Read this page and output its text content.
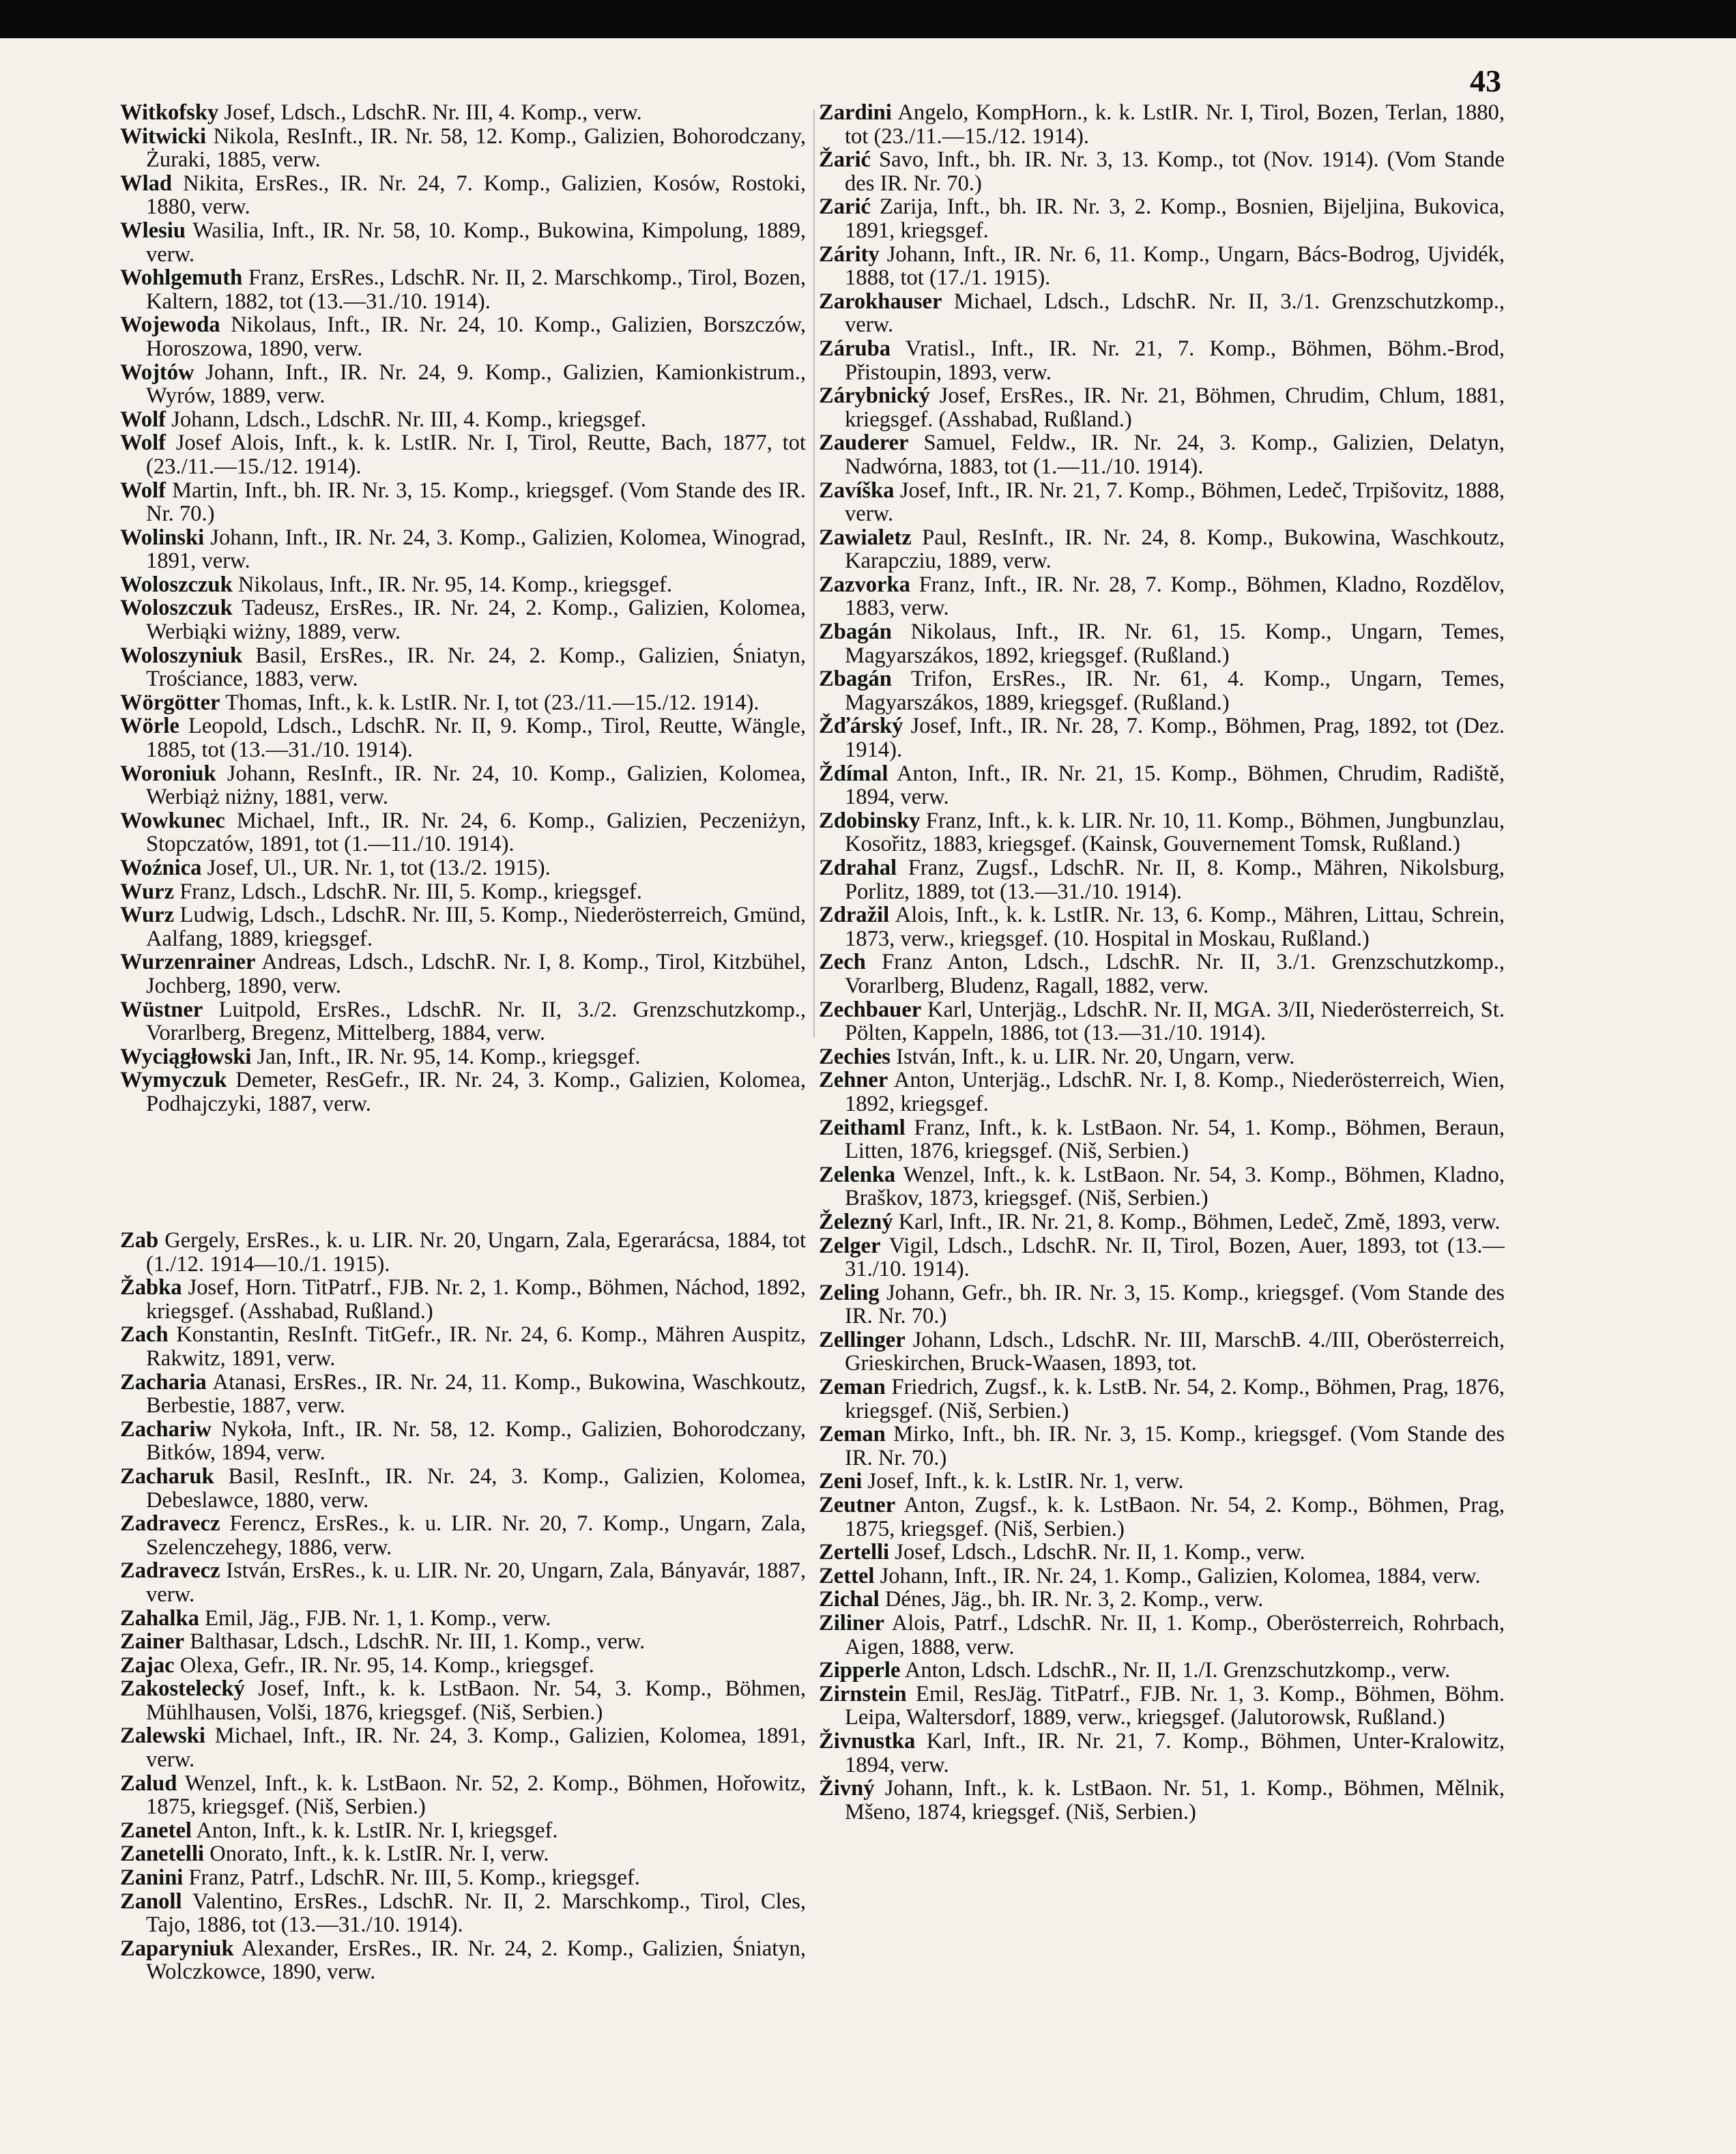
43

Witkofsky Josef, Ldsch., LdschR. Nr. III, 4. Komp., verw.

Witwicki Nikola, ResInft., IR. Nr. 58, 12. Komp., Galizien, Bohorodczany, Żuraki, 1885, verw.

Wlad Nikita, ErsRes., IR. Nr. 24, 7. Komp., Galizien, Kosów, Rostoki, 1880, verw.

Wlesiu Wasilia, Inft., IR. Nr. 58, 10. Komp., Bukowina, Kimpolung, 1889, verw.

Wohlgemuth Franz, ErsRes., LdschR. Nr. II, 2. Marschkomp., Tirol, Bozen, Kaltern, 1882, tot (13.—31./10. 1914).

Wojewoda Nikolaus, Inft., IR. Nr. 24, 10. Komp., Galizien, Borszczów, Horoszowa, 1890, verw.

Wojtów Johann, Inft., IR. Nr. 24, 9. Komp., Galizien, Kamionkistrum., Wyrów, 1889, verw.

Wolf Johann, Ldsch., LdschR. Nr. III, 4. Komp., kriegsgef.

Wolf Josef Alois, Inft., k. k. LstIR. Nr. I, Tirol, Reutte, Bach, 1877, tot (23./11.—15./12. 1914).

Wolf Martin, Inft., bh. IR. Nr. 3, 15. Komp., kriegsgef. (Vom Stande des IR. Nr. 70.)

Wolinski Johann, Inft., IR. Nr. 24, 3. Komp., Galizien, Kolomea, Winograd, 1891, verw.

Woloszczuk Nikolaus, Inft., IR. Nr. 95, 14. Komp., kriegsgef.

Woloszczuk Tadeusz, ErsRes., IR. Nr. 24, 2. Komp., Galizien, Kolomea, Werbiąki wiżny, 1889, verw.

Woloszyniuk Basil, ErsRes., IR. Nr. 24, 2. Komp., Galizien, Śniatyn, Trościance, 1883, verw.

Wörgötter Thomas, Inft., k. k. LstIR. Nr. I, tot (23./11.—15./12. 1914).

Wörle Leopold, Ldsch., LdschR. Nr. II, 9. Komp., Tirol, Reutte, Wängle, 1885, tot (13.—31./10. 1914).

Woroniuk Johann, ResInft., IR. Nr. 24, 10. Komp., Galizien, Kolomea, Werbiąż niżny, 1881, verw.

Wowkunec Michael, Inft., IR. Nr. 24, 6. Komp., Galizien, Peczeniżyn, Stopczatów, 1891, tot (1.—11./10. 1914).

Woźnica Josef, Ul., UR. Nr. 1, tot (13./2. 1915).

Wurz Franz, Ldsch., LdschR. Nr. III, 5. Komp., kriegsgef.

Wurz Ludwig, Ldsch., LdschR. Nr. III, 5. Komp., Niederösterreich, Gmünd, Aalfang, 1889, kriegsgef.

Wurzenrainer Andreas, Ldsch., LdschR. Nr. I, 8. Komp., Tirol, Kitzbühel, Jochberg, 1890, verw.

Wüstner Luitpold, ErsRes., LdschR. Nr. II, 3./2. Grenzschutzkomp., Vorarlberg, Bregenz, Mittelberg, 1884, verw.

Wyciągłowski Jan, Inft., IR. Nr. 95, 14. Komp., kriegsgef.

Wymyczuk Demeter, ResGefr., IR. Nr. 24, 3. Komp., Galizien, Kolomea, Podhajczyki, 1887, verw.

Zab Gergely, ErsRes., k. u. LIR. Nr. 20, Ungarn, Zala, Egerarácsa, 1884, tot (1./12. 1914—10./1. 1915).

Žabka Josef, Horn. TitPatrf., FJB. Nr. 2, 1. Komp., Böhmen, Náchod, 1892, kriegsgef. (Asshabad, Rußland.)

Zach Konstantin, ResInft. TitGefr., IR. Nr. 24, 6. Komp., Mähren Auspitz, Rakwitz, 1891, verw.

Zacharia Atanasi, ErsRes., IR. Nr. 24, 11. Komp., Bukowina, Waschkoutz, Berbestie, 1887, verw.

Zachariw Nykoła, Inft., IR. Nr. 58, 12. Komp., Galizien, Bohorodczany, Bitków, 1894, verw.

Zacharuk Basil, ResInft., IR. Nr. 24, 3. Komp., Galizien, Kolomea, Debeslawce, 1880, verw.

Zadravecz Ferencz, ErsRes., k. u. LIR. Nr. 20, 7. Komp., Ungarn, Zala, Szelenczehegy, 1886, verw.

Zadravecz István, ErsRes., k. u. LIR. Nr. 20, Ungarn, Zala, Bányavár, 1887, verw.

Zahalka Emil, Jäg., FJB. Nr. 1, 1. Komp., verw.

Zainer Balthasar, Ldsch., LdschR. Nr. III, 1. Komp., verw.

Zajac Olexa, Gefr., IR. Nr. 95, 14. Komp., kriegsgef.

Zakostelecký Josef, Inft., k. k. LstBaon. Nr. 54, 3. Komp., Böhmen, Mühlhausen, Volši, 1876, kriegsgef. (Niš, Serbien.)

Zalewski Michael, Inft., IR. Nr. 24, 3. Komp., Galizien, Kolomea, 1891, verw.

Zalud Wenzel, Inft., k. k. LstBaon. Nr. 52, 2. Komp., Böhmen, Hořowitz, 1875, kriegsgef. (Niš, Serbien.)

Zanetel Anton, Inft., k. k. LstIR. Nr. I, kriegsgef.

Zanetelli Onorato, Inft., k. k. LstIR. Nr. I, verw.

Zanini Franz, Patrf., LdschR. Nr. III, 5. Komp., kriegsgef.

Zanoll Valentino, ErsRes., LdschR. Nr. II, 2. Marschkomp., Tirol, Cles, Tajo, 1886, tot (13.—31./10. 1914).

Zaparyniuk Alexander, ErsRes., IR. Nr. 24, 2. Komp., Galizien, Śniatyn, Wolczkowce, 1890, verw.

Zardini Angelo, KompHorn., k. k. LstIR. Nr. I, Tirol, Bozen, Terlan, 1880, tot (23./11.—15./12. 1914).

Žarić Savo, Inft., bh. IR. Nr. 3, 13. Komp., tot (Nov. 1914). (Vom Stande des IR. Nr. 70.)

Zarić Zarija, Inft., bh. IR. Nr. 3, 2. Komp., Bosnien, Bijeljina, Bukovica, 1891, kriegsgef.

Zárity Johann, Inft., IR. Nr. 6, 11. Komp., Ungarn, Bács-Bodrog, Ujvidék, 1888, tot (17./1. 1915).

Zarokhauser Michael, Ldsch., LdschR. Nr. II, 3./1. Grenzschutzkomp., verw.

Záruba Vratisl., Inft., IR. Nr. 21, 7. Komp., Böhmen, Böhm.-Brod, Přistoupin, 1893, verw.

Zárybnický Josef, ErsRes., IR. Nr. 21, Böhmen, Chrudim, Chlum, 1881, kriegsgef. (Asshabad, Rußland.)

Zauderer Samuel, Feldw., IR. Nr. 24, 3. Komp., Galizien, Delatyn, Nadwórna, 1883, tot (1.—11./10. 1914).

Zavíška Josef, Inft., IR. Nr. 21, 7. Komp., Böhmen, Ledeč, Trpišovitz, 1888, verw.

Zawialetz Paul, ResInft., IR. Nr. 24, 8. Komp., Bukowina, Waschkoutz, Karapcziu, 1889, verw.

Zazvorka Franz, Inft., IR. Nr. 28, 7. Komp., Böhmen, Kladno, Rozdělov, 1883, verw.

Zbagán Nikolaus, Inft., IR. Nr. 61, 15. Komp., Ungarn, Temes, Magyarszákos, 1892, kriegsgef. (Rußland.)

Zbagán Trifon, ErsRes., IR. Nr. 61, 4. Komp., Ungarn, Temes, Magyarszákos, 1889, kriegsgef. (Rußland.)

Žďárský Josef, Inft., IR. Nr. 28, 7. Komp., Böhmen, Prag, 1892, tot (Dez. 1914).

Ždímal Anton, Inft., IR. Nr. 21, 15. Komp., Böhmen, Chrudim, Radiště, 1894, verw.

Zdobinsky Franz, Inft., k. k. LIR. Nr. 10, 11. Komp., Böhmen, Jungbunzlau, Kosořitz, 1883, kriegsgef. (Kainsk, Gouvernement Tomsk, Rußland.)

Zdrahal Franz, Zugsf., LdschR. Nr. II, 8. Komp., Mähren, Nikolsburg, Porlitz, 1889, tot (13.—31./10. 1914).

Zdražil Alois, Inft., k. k. LstIR. Nr. 13, 6. Komp., Mähren, Littau, Schrein, 1873, verw., kriegsgef. (10. Hospital in Moskau, Rußland.)

Zech Franz Anton, Ldsch., LdschR. Nr. II, 3./1. Grenzschutzkomp., Vorarlberg, Bludenz, Ragall, 1882, verw.

Zechbauer Karl, Unterjäg., LdschR. Nr. II, MGA. 3/II, Niederösterreich, St. Pölten, Kappeln, 1886, tot (13.—31./10. 1914).

Zechies István, Inft., k. u. LIR. Nr. 20, Ungarn, verw.

Zehner Anton, Unterjäg., LdschR. Nr. I, 8. Komp., Niederösterreich, Wien, 1892, kriegsgef.

Zeithaml Franz, Inft., k. k. LstBaon. Nr. 54, 1. Komp., Böhmen, Beraun, Litten, 1876, kriegsgef. (Niš, Serbien.)

Zelenka Wenzel, Inft., k. k. LstBaon. Nr. 54, 3. Komp., Böhmen, Kladno, Braškov, 1873, kriegsgef. (Niš, Serbien.)

Železný Karl, Inft., IR. Nr. 21, 8. Komp., Böhmen, Ledeč, Změ, 1893, verw.

Zelger Vigil, Ldsch., LdschR. Nr. II, Tirol, Bozen, Auer, 1893, tot (13.—31./10. 1914).

Zeling Johann, Gefr., bh. IR. Nr. 3, 15. Komp., kriegsgef. (Vom Stande des IR. Nr. 70.)

Zellinger Johann, Ldsch., LdschR. Nr. III, MarschB. 4./III, Oberösterreich, Grieskirchen, Bruck-Waasen, 1893, tot.

Zeman Friedrich, Zugsf., k. k. LstB. Nr. 54, 2. Komp., Böhmen, Prag, 1876, kriegsgef. (Niš, Serbien.)

Zeman Mirko, Inft., bh. IR. Nr. 3, 15. Komp., kriegsgef. (Vom Stande des IR. Nr. 70.)

Zeni Josef, Inft., k. k. LstIR. Nr. 1, verw.

Zeutner Anton, Zugsf., k. k. LstBaon. Nr. 54, 2. Komp., Böhmen, Prag, 1875, kriegsgef. (Niš, Serbien.)

Zertelli Josef, Ldsch., LdschR. Nr. II, 1. Komp., verw.

Zettel Johann, Inft., IR. Nr. 24, 1. Komp., Galizien, Kolomea, 1884, verw.

Zichal Dénes, Jäg., bh. IR. Nr. 3, 2. Komp., verw.

Ziliner Alois, Patrf., LdschR. Nr. II, 1. Komp., Oberösterreich, Rohrbach, Aigen, 1888, verw.

Zipperle Anton, Ldsch. LdschR., Nr. II, 1./I. Grenzschutzkomp., verw.

Zirnstein Emil, ResJäg. TitPatrf., FJB. Nr. 1, 3. Komp., Böhmen, Böhm. Leipa, Waltersdorf, 1889, verw., kriegsgef. (Jalutorowsk, Rußland.)

Živnustka Karl, Inft., IR. Nr. 21, 7. Komp., Böhmen, Unter-Kralowitz, 1894, verw.

Živný Johann, Inft., k. k. LstBaon. Nr. 51, 1. Komp., Böhmen, Mělnik, Mšeno, 1874, kriegsgef. (Niš, Serbien.)
